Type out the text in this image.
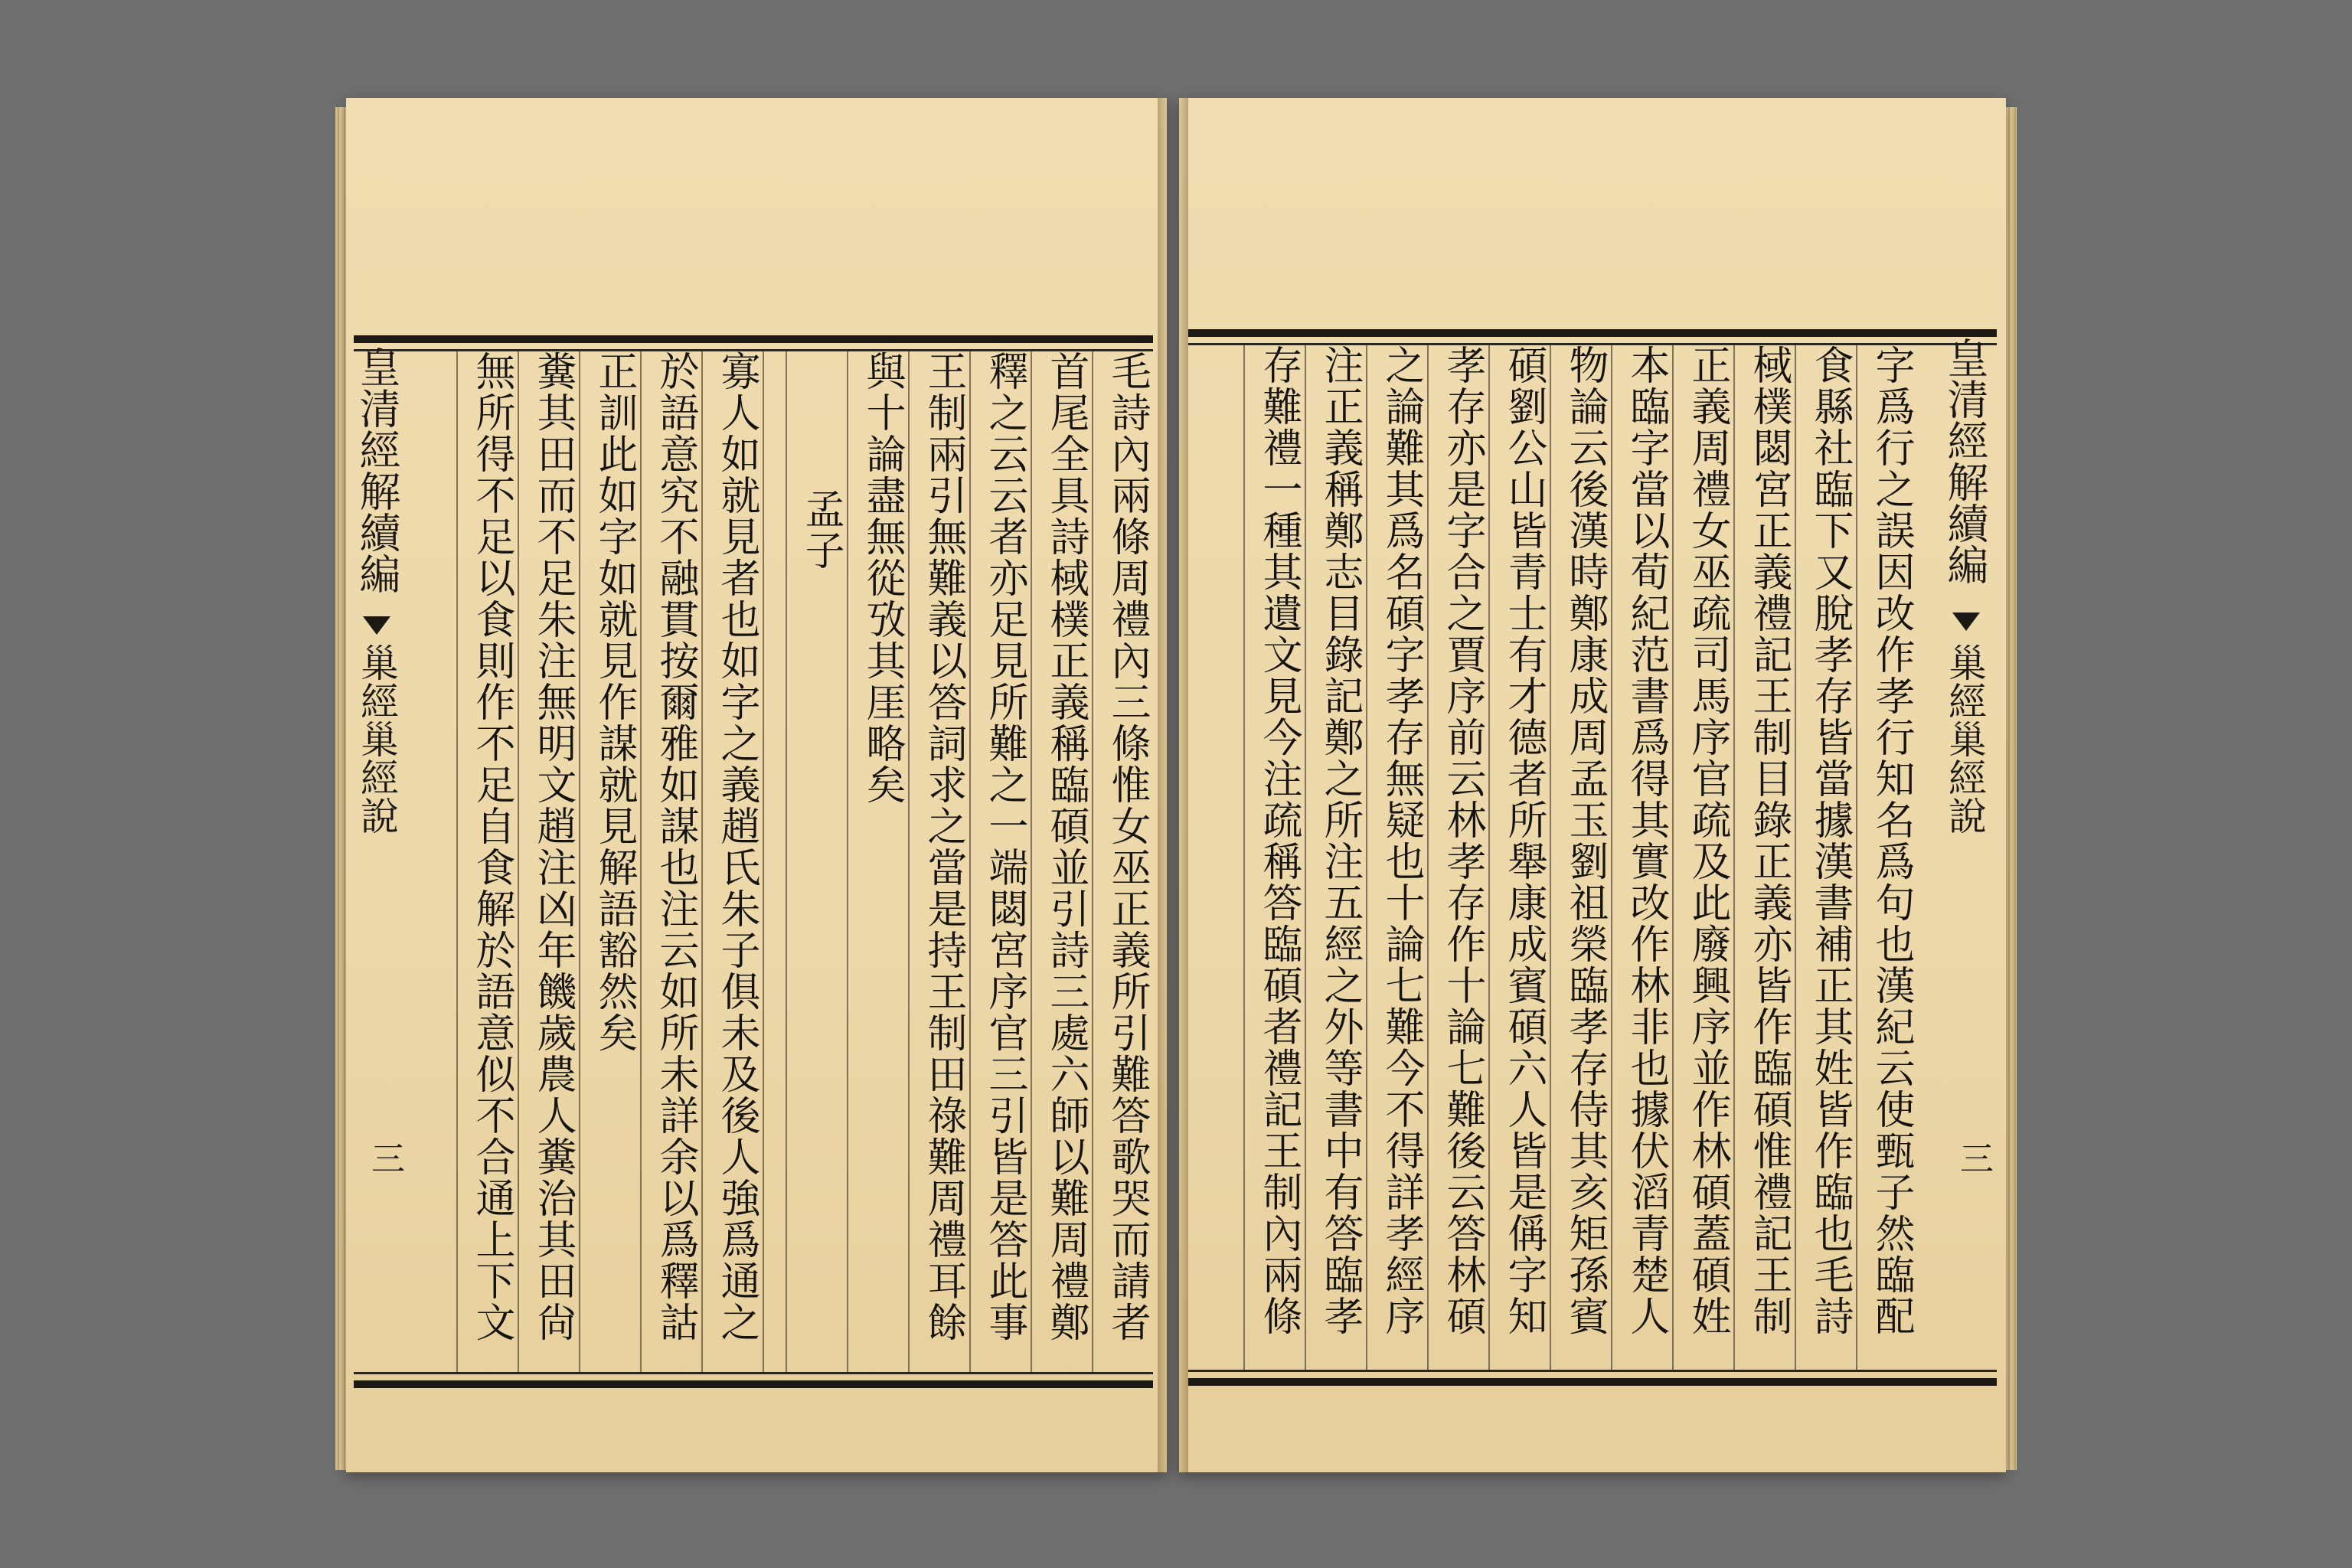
皇清經解續編
巢經巢經說
三
皇清經解續編
巢經巢經說
三
毛詩內兩條周禮內三條惟女巫正義所引難答歌哭而請者
首尾全具詩棫樸正義稱臨碩並引詩三處六師以難周禮鄭
釋之云云者亦足見所難之一端閟宮序官三引皆是答此事
王制兩引無難義以答詞求之當是持王制田祿難周禮耳餘
與十論盡無從攷其厓略矣
孟子
寡人如就見者也如字之義趙氏朱子俱未及後人強爲通之
於語意究不融貫按爾雅如謀也注云如所未詳余以爲釋詁
正訓此如字如就見作謀就見解語豁然矣
糞其田而不足朱注無明文趙注凶年饑歲農人糞治其田尙
無所得不足以食則作不足自食解於語意似不合通上下文	字爲行之誤因改作孝行知名爲句也漢紀云使甄子然臨配
食縣社臨下又脫孝存皆當據漢書補正其姓皆作臨也毛詩
棫樸閟宮正義禮記王制目錄正義亦皆作臨碩惟禮記王制
正義周禮女巫疏司馬序官疏及此廢興序並作林碩蓋碩姓
本臨字當以荀紀范書爲得其實改作林非也據伏滔青楚人
物論云後漢時鄭康成周孟玉劉祖榮臨孝存侍其亥矩孫賓
碩劉公山皆青士有才德者所舉康成賓碩六人皆是偁字知
孝存亦是字合之賈序前云林孝存作十論七難後云答林碩
之論難其爲名碩字孝存無疑也十論七難今不得詳孝經序
注正義稱鄭志目錄記鄭之所注五經之外等書中有答臨孝
存難禮一種其遺文見今注疏稱答臨碩者禮記王制內兩條
